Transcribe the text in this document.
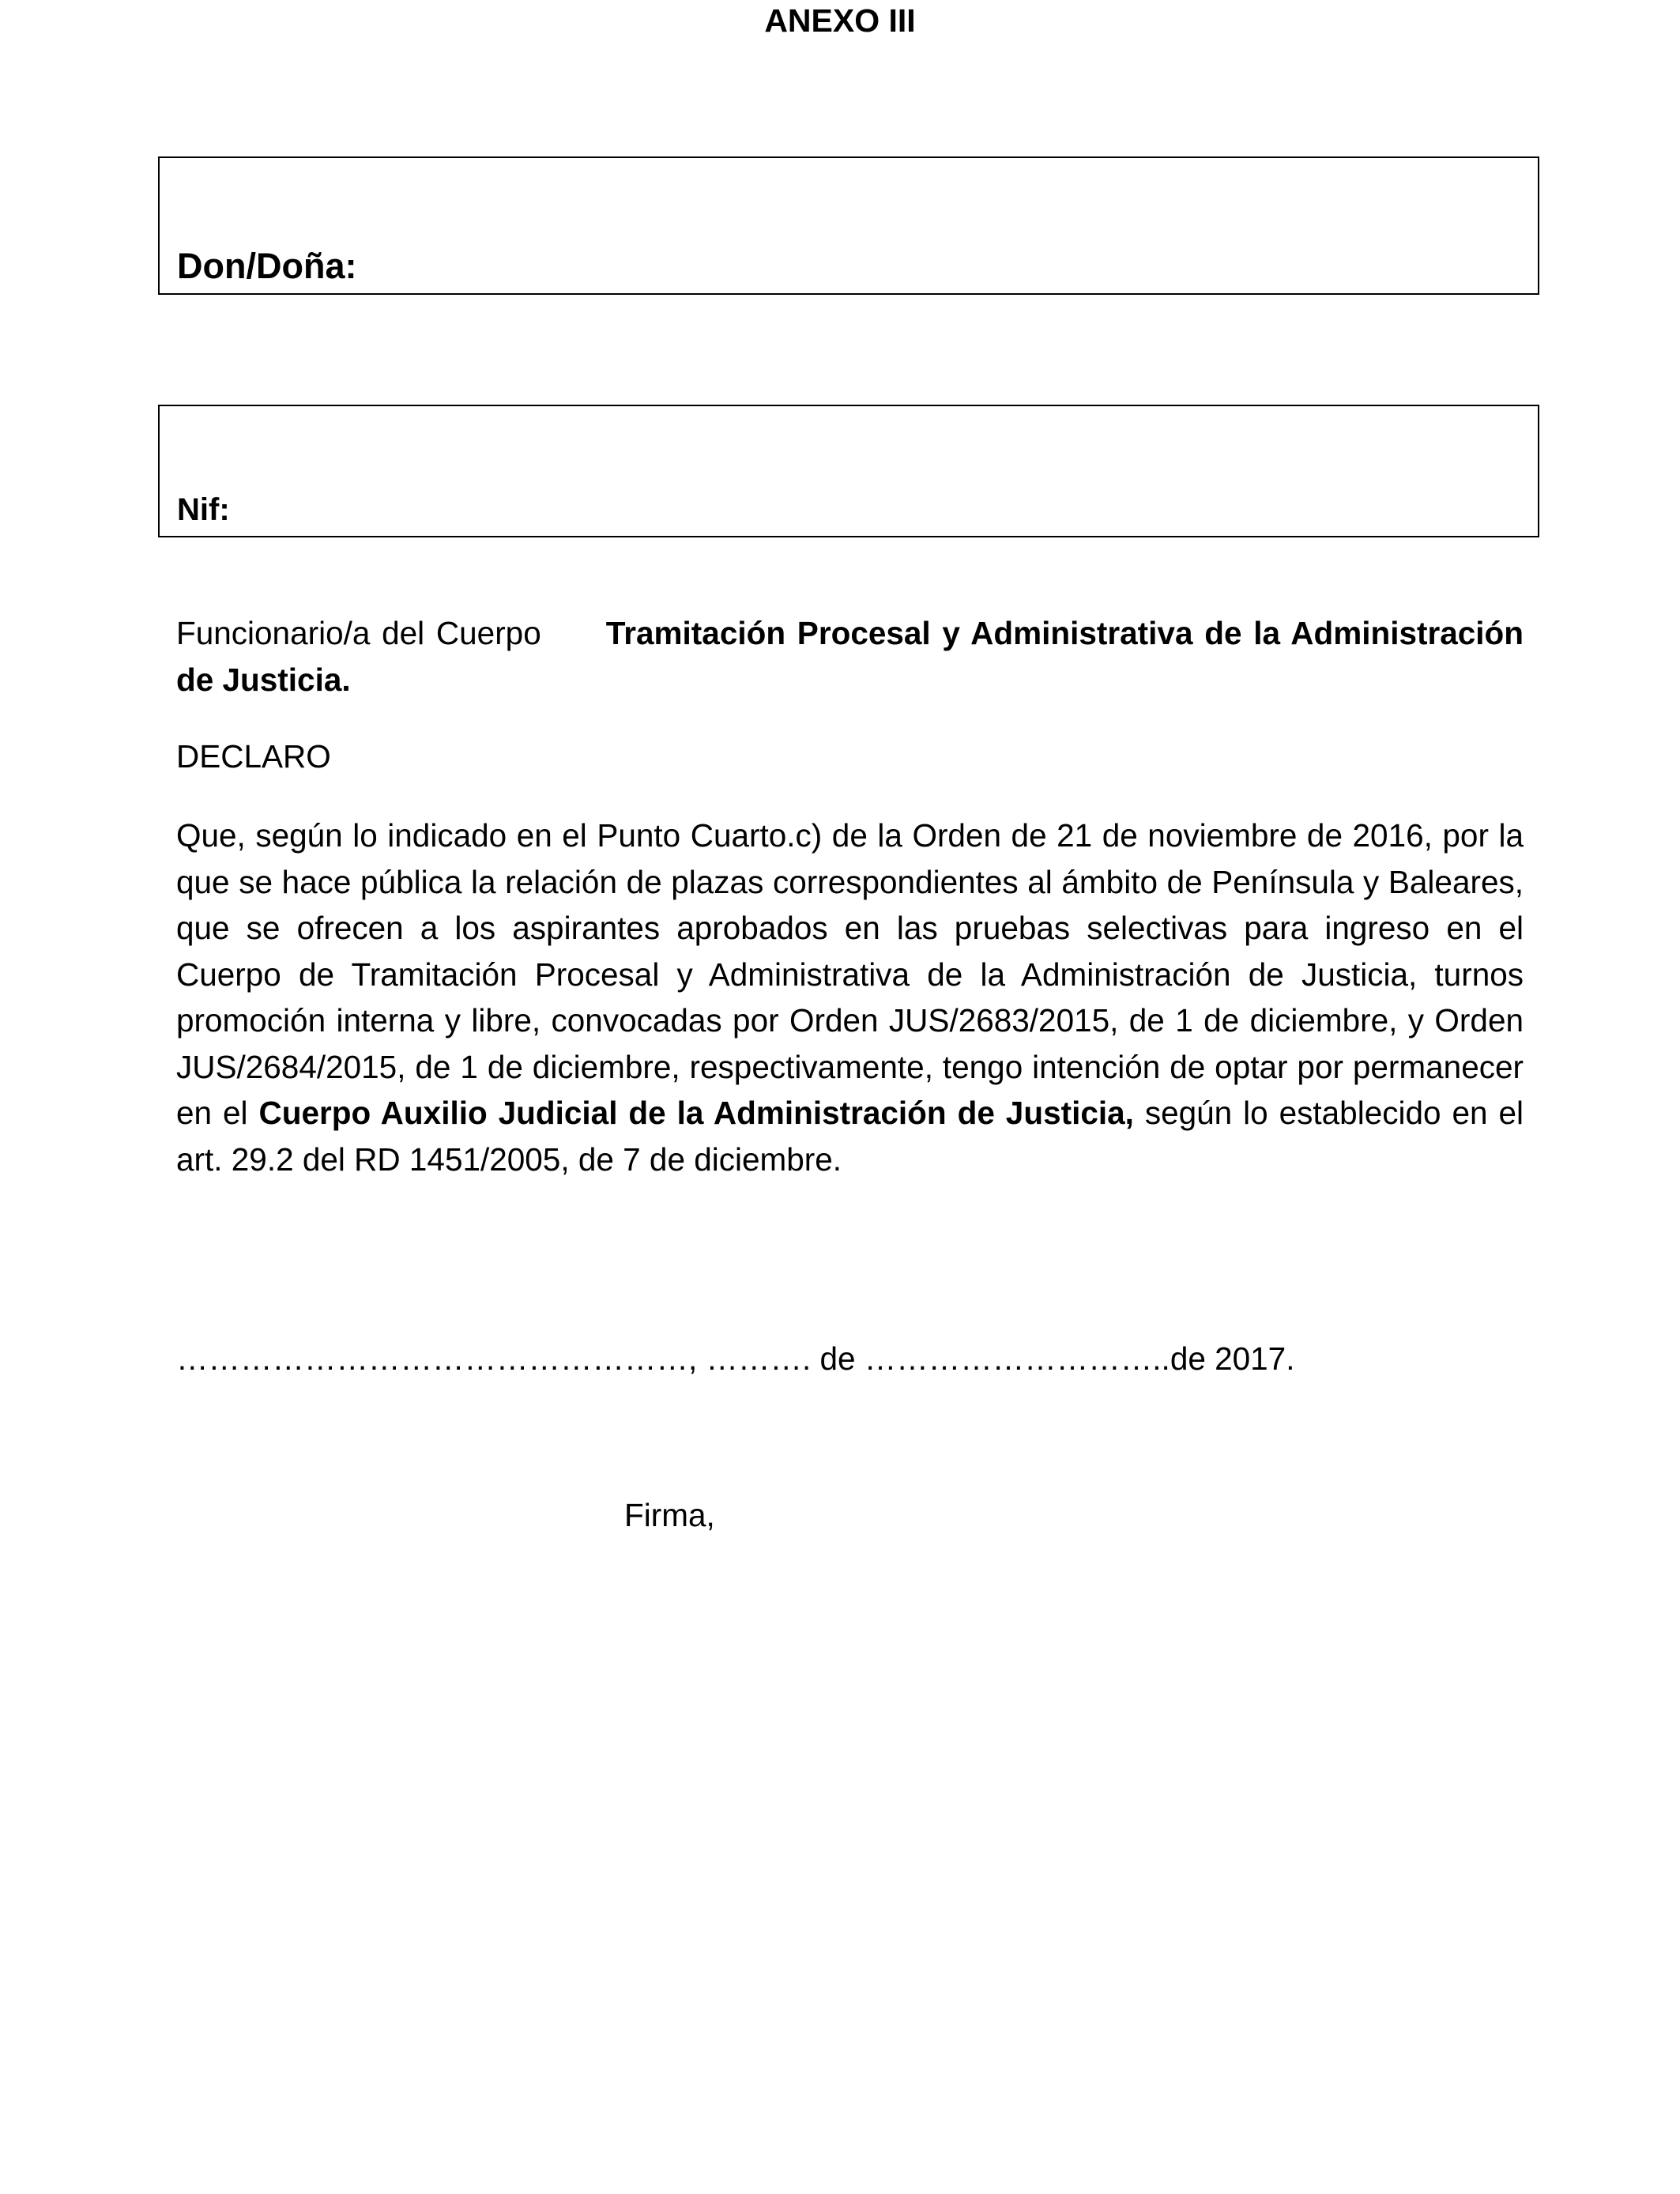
ANEXO III
Don/Doña:
Nif:
Funcionario/a del Cuerpo Tramitación Procesal y Administrativa de la Administración de Justicia.
DECLARO
Que, según lo indicado en el Punto Cuarto.c) de la Orden de 21 de noviembre de 2016, por la que se hace pública la relación de plazas correspondientes al ámbito de Península y Baleares, que se ofrecen a los aspirantes aprobados en las pruebas selectivas para ingreso en el Cuerpo de Tramitación Procesal y Administrativa de la Administración de Justicia, turnos promoción interna y libre, convocadas por Orden JUS/2683/2015, de 1 de diciembre, y Orden JUS/2684/2015, de 1 de diciembre, respectivamente, tengo intención de optar por permanecer en el Cuerpo Auxilio Judicial de la Administración de Justicia, según lo establecido en el art. 29.2 del RD 1451/2005, de 7 de diciembre.
…………………………………………, ………. de ………………………..de 2017.
Firma,
